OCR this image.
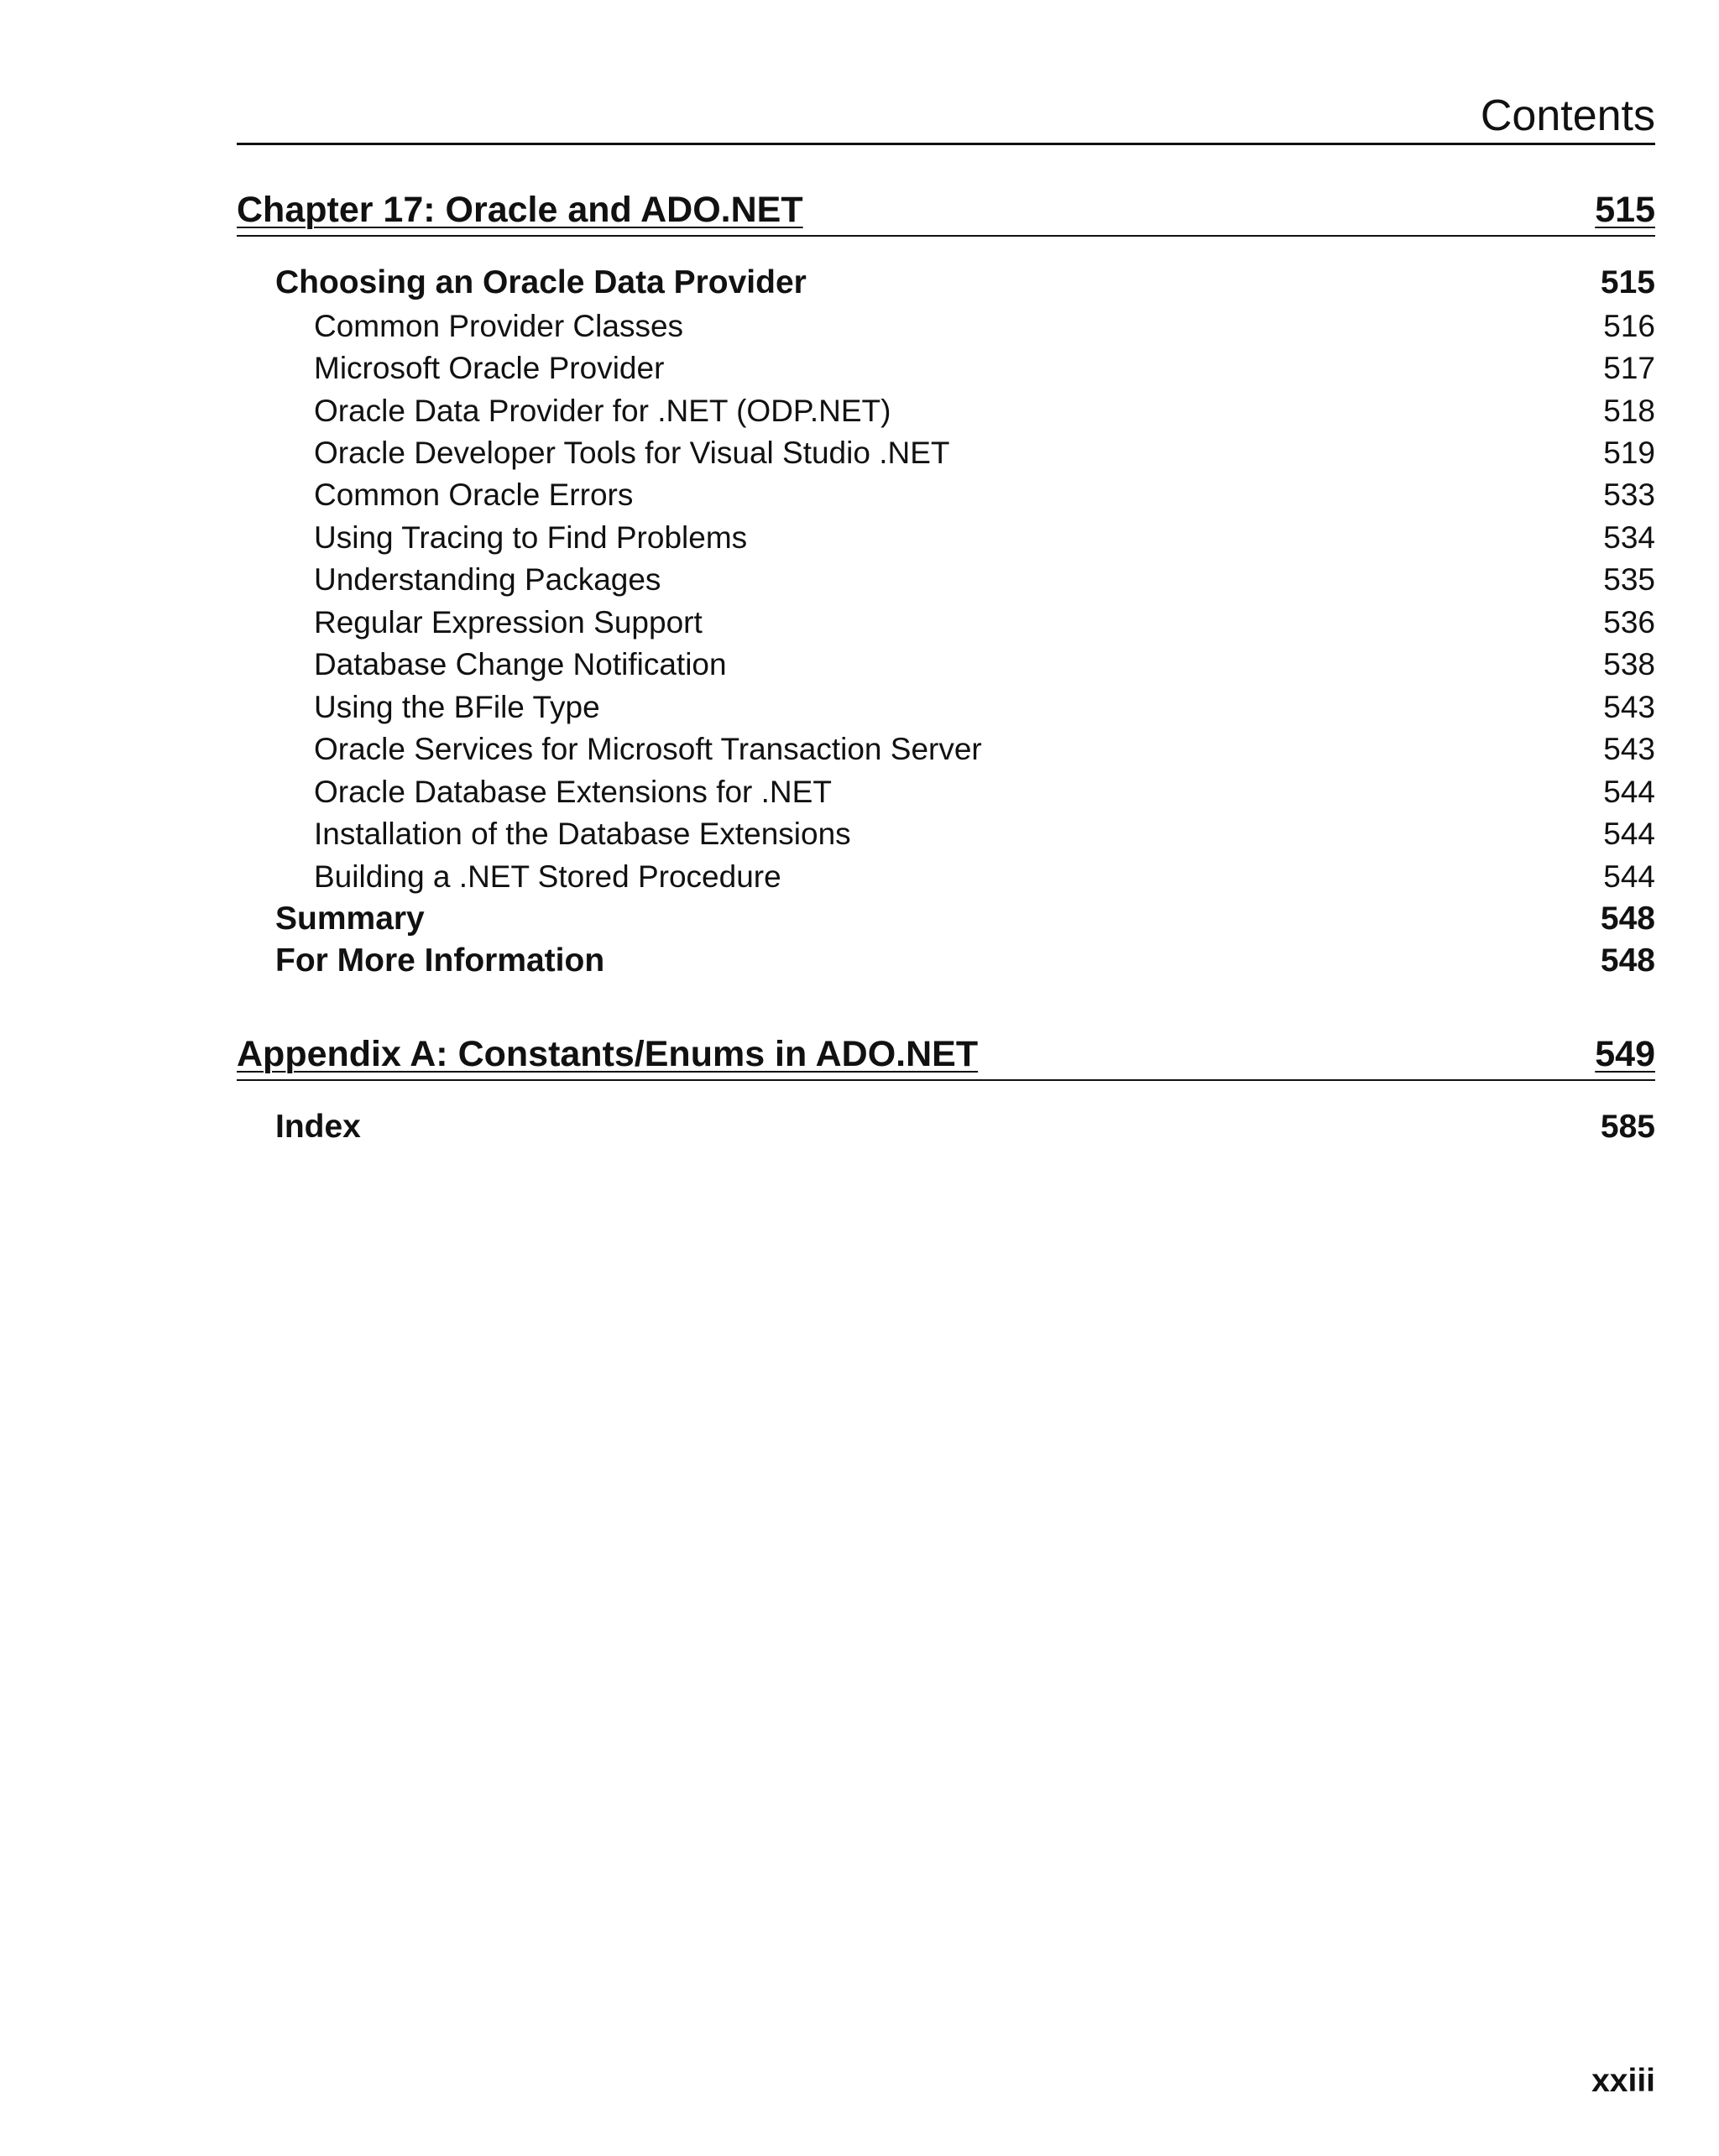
Contents
Chapter 17: Oracle and ADO.NET	515
Choosing an Oracle Data Provider	515
Common Provider Classes	516
Microsoft Oracle Provider	517
Oracle Data Provider for .NET (ODP.NET)	518
Oracle Developer Tools for Visual Studio .NET	519
Common Oracle Errors	533
Using Tracing to Find Problems	534
Understanding Packages	535
Regular Expression Support	536
Database Change Notification	538
Using the BFile Type	543
Oracle Services for Microsoft Transaction Server	543
Oracle Database Extensions for .NET	544
Installation of the Database Extensions	544
Building a .NET Stored Procedure	544
Summary	548
For More Information	548
Appendix A: Constants/Enums in ADO.NET	549
Index	585
xxiii
